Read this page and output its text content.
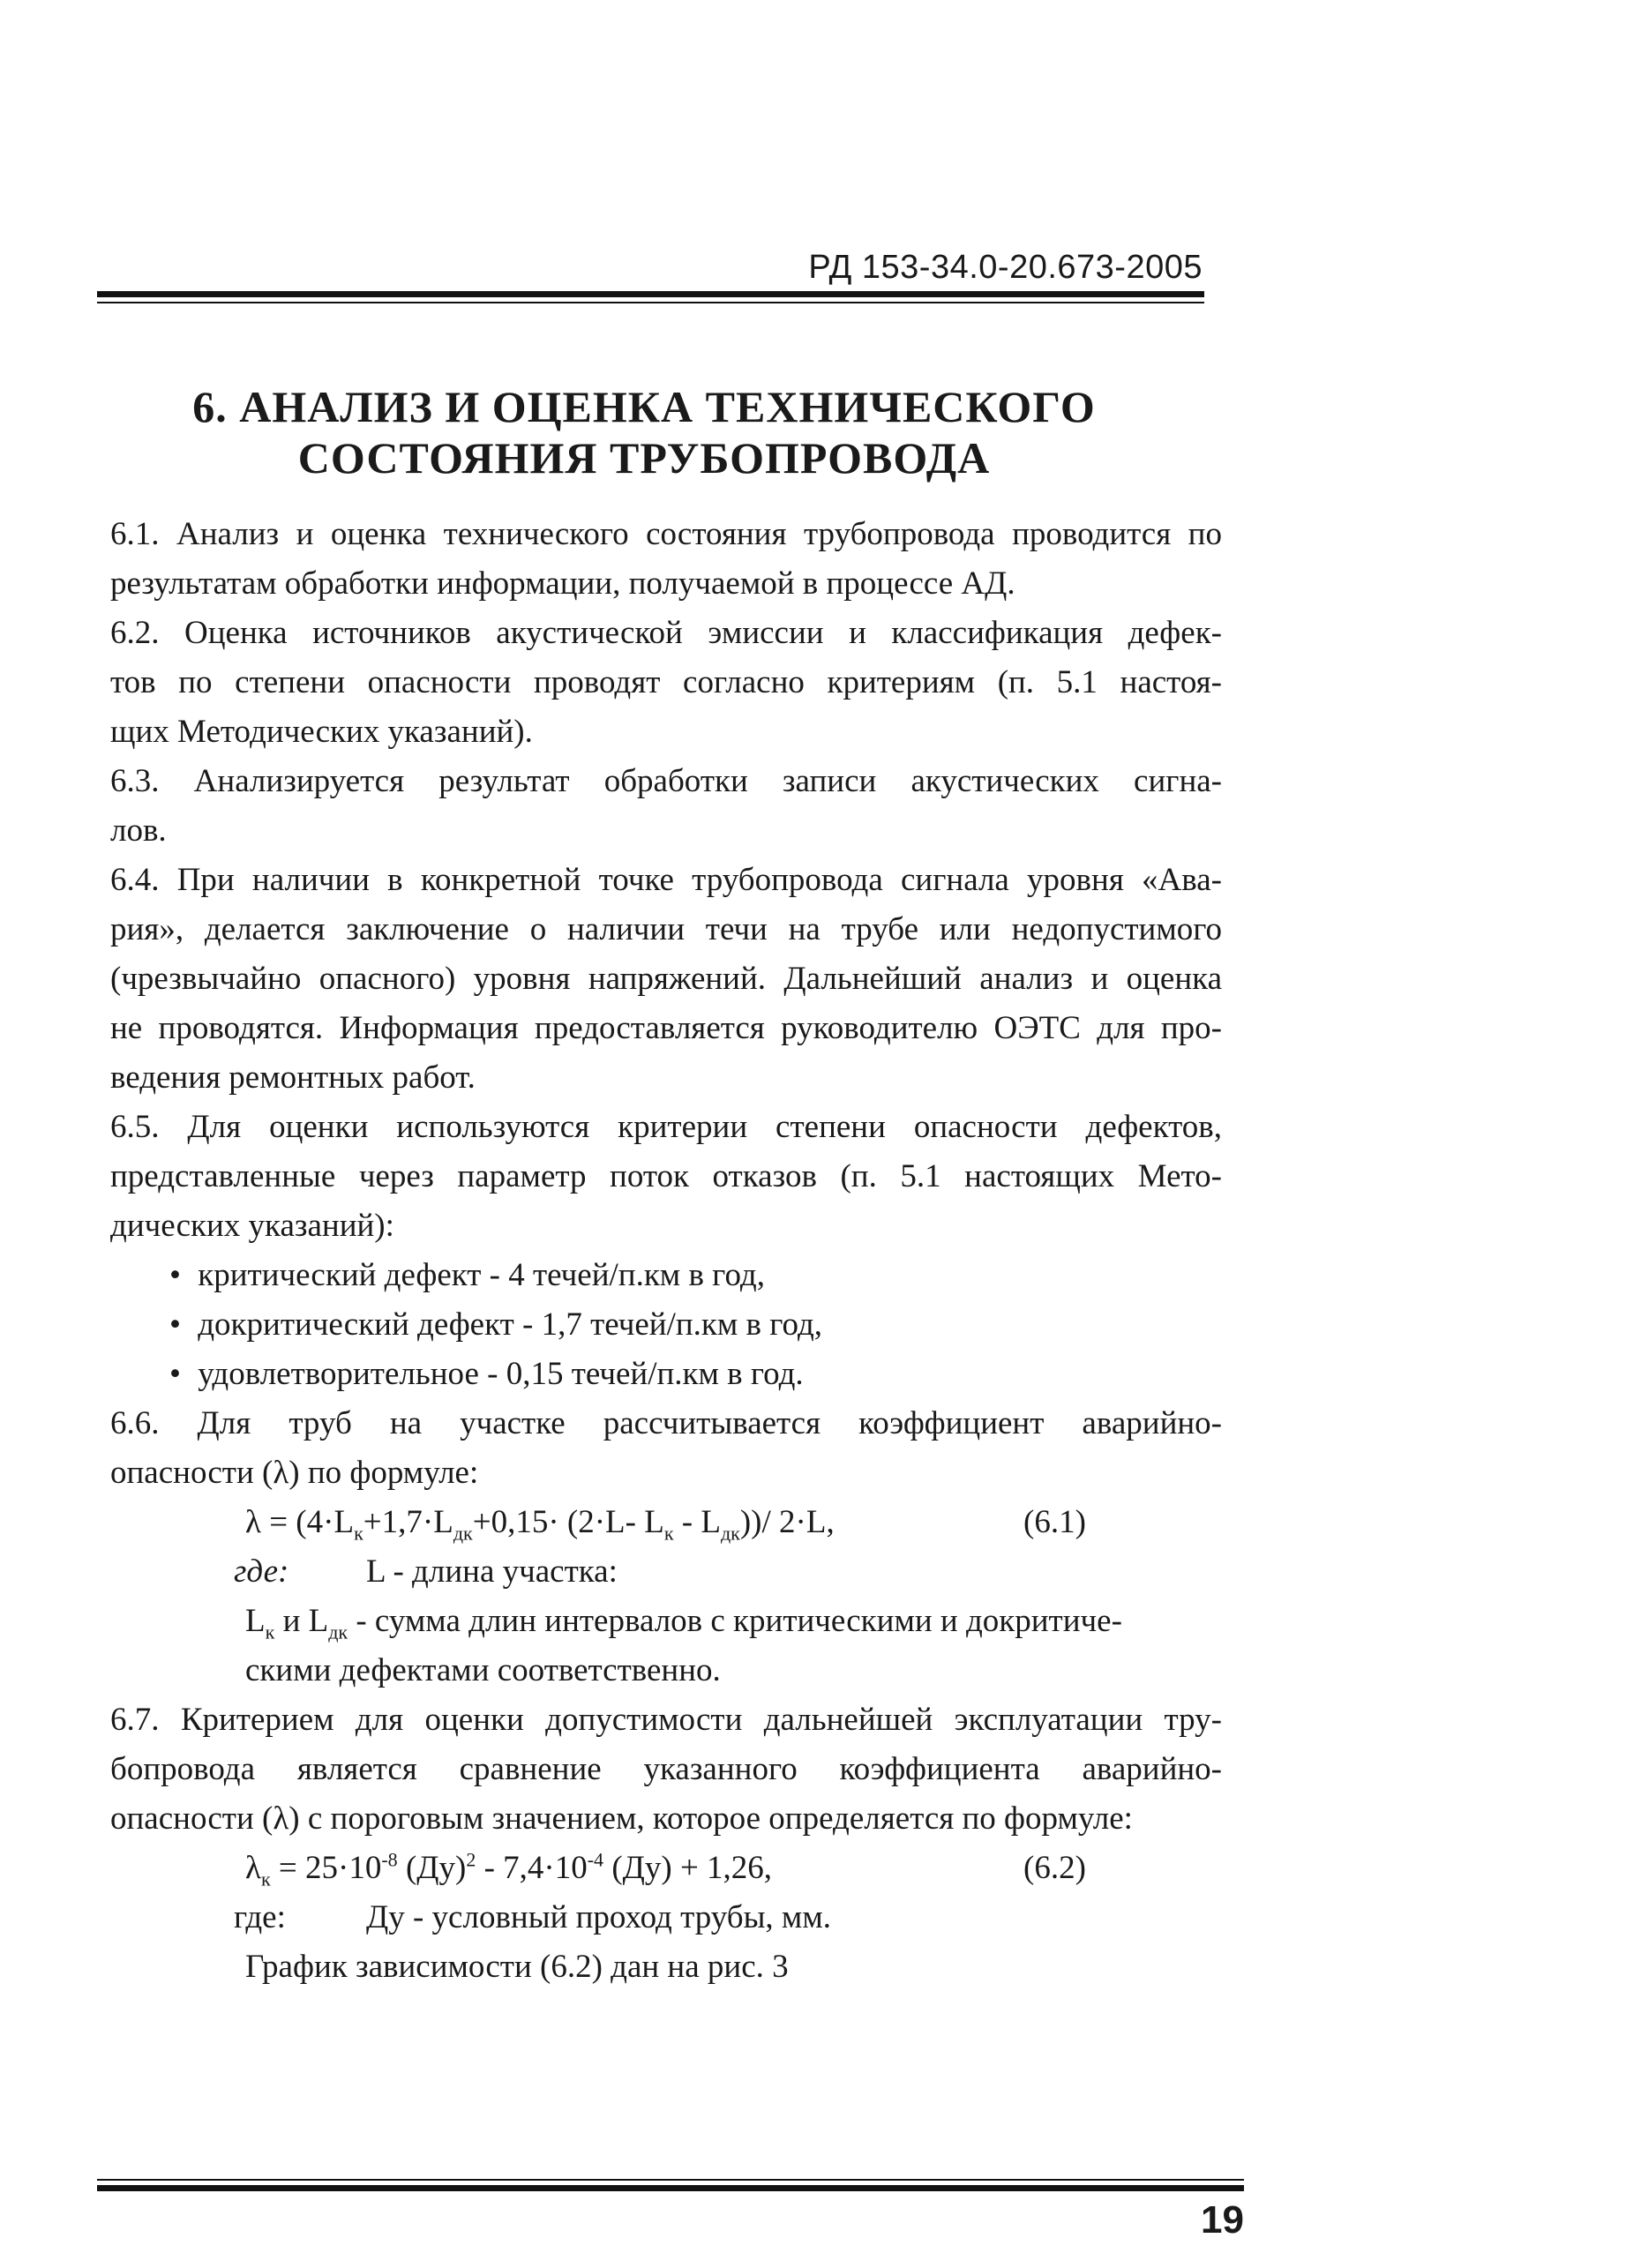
РД 153-34.0-20.673-2005
6. АНАЛИЗ И ОЦЕНКА ТЕХНИЧЕСКОГО
СОСТОЯНИЯ ТРУБОПРОВОДА
6.1. Анализ и оценка технического состояния трубопровода проводится по
результатам обработки информации, получаемой в процессе АД.
6.2. Оценка источников акустической эмиссии и классификация дефек-
тов по степени опасности проводят согласно критериям (п. 5.1 настоя-
щих Методических указаний).
6.3. Анализируется результат обработки записи акустических сигна-
лов.
6.4. При наличии в конкретной точке трубопровода сигнала уровня «Ава-
рия», делается заключение о наличии течи на трубе или недопустимого
(чрезвычайно опасного) уровня напряжений. Дальнейший анализ и оценка
не проводятся. Информация предоставляется руководителю ОЭТС для про-
ведения ремонтных работ.
6.5. Для оценки используются критерии степени опасности дефектов,
представленные через параметр поток отказов (п. 5.1 настоящих Мето-
дических указаний):
• критический дефект - 4 течей/п.км в год,
• докритический дефект - 1,7 течей/п.км в год,
• удовлетворительное - 0,15 течей/п.км в год.
6.6. Для труб на участке рассчитывается коэффициент аварийно-
опасности (λ) по формуле:
$\lambda = (4\cdot L_к+1,7\cdot L_{дк}+0,15\cdot (2\cdot L-$ $L_к - L_{дк}))/$ 2·L,	(6.1)
где: L - длина участка:
$L_к$ и $L_{дк}$ - сумма длин интервалов с критическими и докритиче-
скими дефектами соответственно.
6.7. Критерием для оценки допустимости дальнейшей эксплуатации тру-
бопровода является сравнение указанного коэффициента аварийно-
опасности (λ) с пороговым значением, которое определяется по формуле:
$\lambda_к = 25\cdot 10^{-8}$ $(Ду)^2 - 7,4\cdot 10^{-4}$ (Ду) + 1,26,	(6.2)
где: Ду - условный проход трубы, мм.
График зависимости (6.2) дан на рис. 3
19
